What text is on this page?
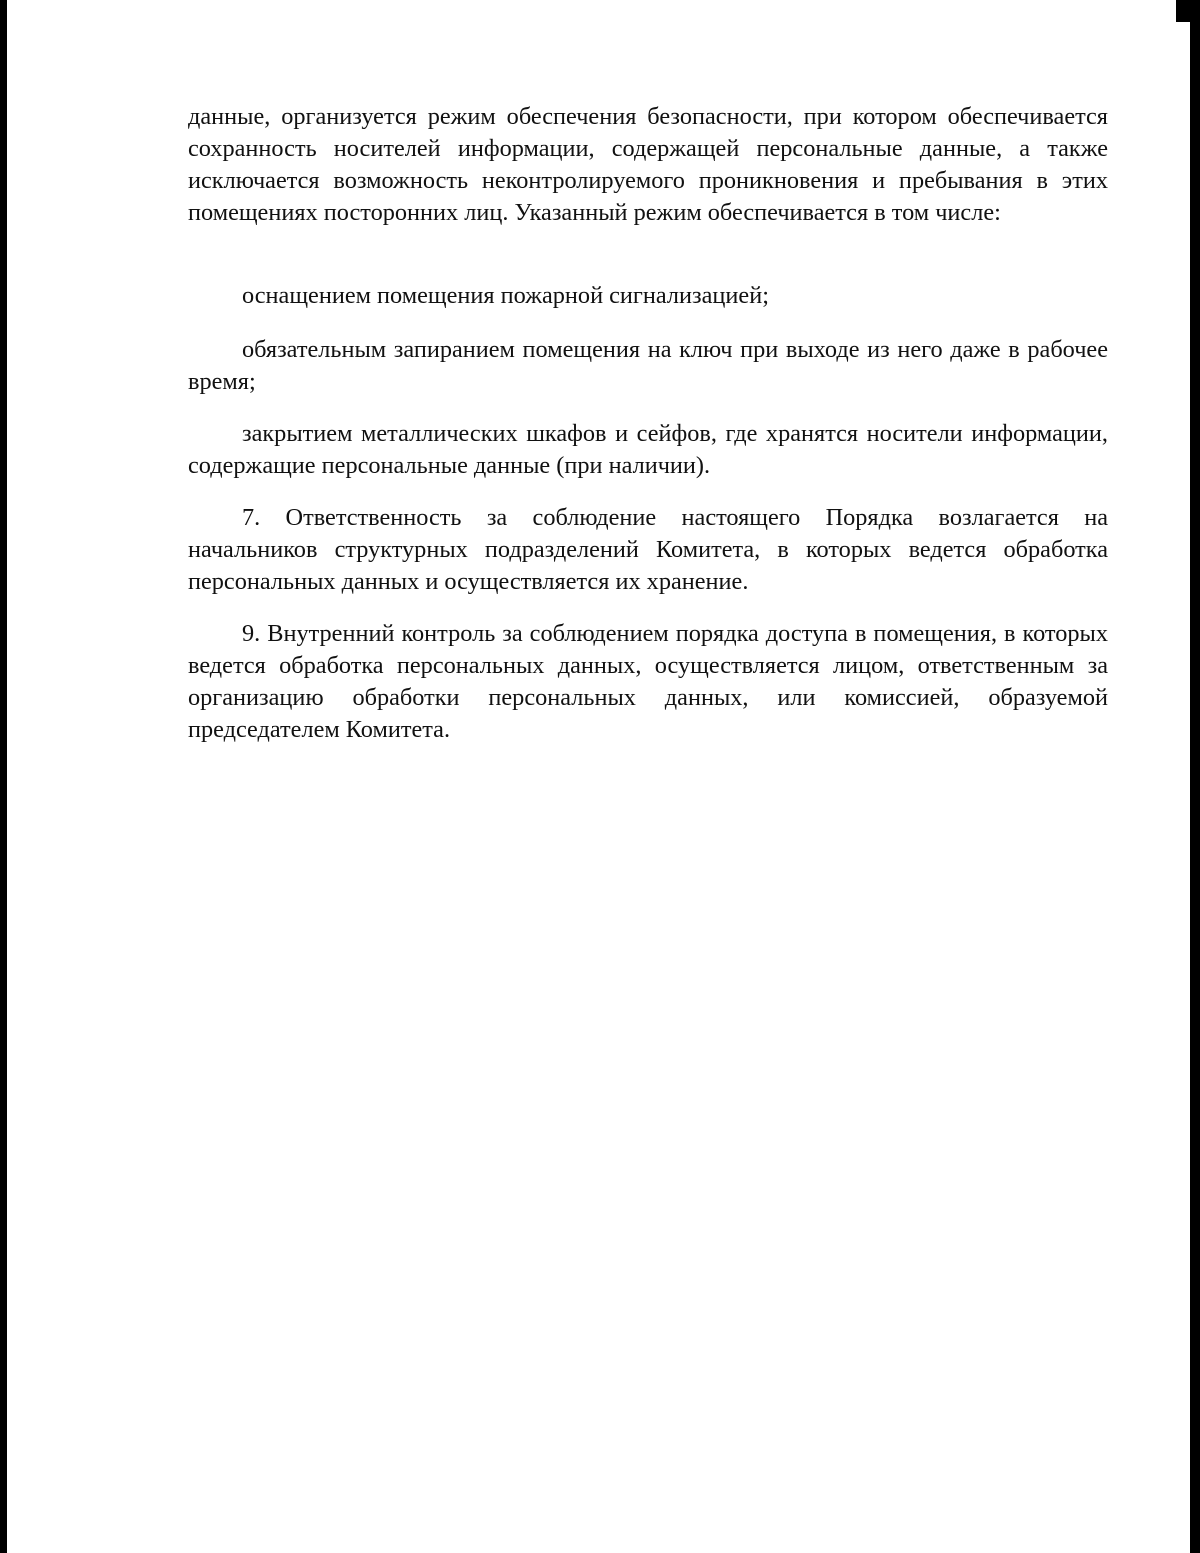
данные, организуется режим обеспечения безопасности, при котором обеспечивается сохранность носителей информации, содержащей персональные данные, а также исключается возможность неконтролируемого проникновения и пребывания в этих помещениях посторонних лиц. Указанный режим обеспечивается в том числе:

оснащением помещения пожарной сигнализацией;

обязательным запиранием помещения на ключ при выходе из него даже в рабочее время;

закрытием металлических шкафов и сейфов, где хранятся носители информации, содержащие персональные данные (при наличии).

7. Ответственность за соблюдение настоящего Порядка возлагается на начальников структурных подразделений Комитета, в которых ведется обработка персональных данных и осуществляется их хранение.

9. Внутренний контроль за соблюдением порядка доступа в помещения, в которых ведется обработка персональных данных, осуществляется лицом, ответственным за организацию обработки персональных данных, или комиссией, образуемой председателем Комитета.
